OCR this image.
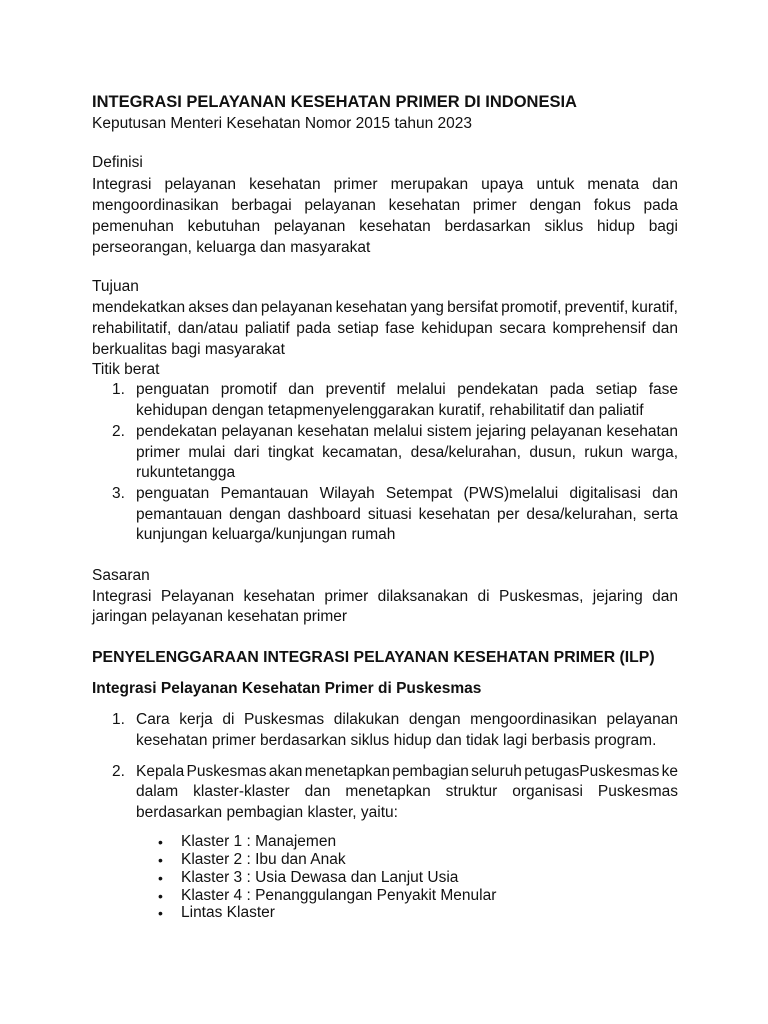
INTEGRASI PELAYANAN KESEHATAN PRIMER DI INDONESIA
Keputusan Menteri Kesehatan Nomor 2015 tahun 2023
Definisi
Integrasi pelayanan kesehatan primer merupakan upaya untuk menata dan
mengoordinasikan berbagai pelayanan kesehatan primer dengan fokus pada
pemenuhan kebutuhan pelayanan kesehatan berdasarkan siklus hidup bagi
perseorangan, keluarga dan masyarakat
Tujuan
mendekatkan akses dan pelayanan kesehatan yang bersifat promotif, preventif, kuratif,
rehabilitatif, dan/atau paliatif pada setiap fase kehidupan secara komprehensif dan
berkualitas bagi masyarakat
Titik berat
1. penguatan promotif dan preventif melalui pendekatan pada setiap fase
kehidupan dengan tetapmenyelenggarakan kuratif, rehabilitatif dan paliatif
2. pendekatan pelayanan kesehatan melalui sistem jejaring pelayanan kesehatan
primer mulai dari tingkat kecamatan, desa/kelurahan, dusun, rukun warga,
rukuntetangga
3. penguatan Pemantauan Wilayah Setempat (PWS)melalui digitalisasi dan
pemantauan dengan dashboard situasi kesehatan per desa/kelurahan, serta
kunjungan keluarga/kunjungan rumah
Sasaran
Integrasi Pelayanan kesehatan primer dilaksanakan di Puskesmas, jejaring dan
jaringan pelayanan kesehatan primer
PENYELENGGARAAN INTEGRASI PELAYANAN KESEHATAN PRIMER (ILP)
Integrasi Pelayanan Kesehatan Primer di Puskesmas
1. Cara kerja di Puskesmas dilakukan dengan mengoordinasikan pelayanan
kesehatan primer berdasarkan siklus hidup dan tidak lagi berbasis program.
2. Kepala Puskesmas akan menetapkan pembagian seluruh petugasPuskesmas ke
dalam klaster-klaster dan menetapkan struktur organisasi Puskesmas
berdasarkan pembagian klaster, yaitu:
•	Klaster 1 : Manajemen
•	Klaster 2 : Ibu dan Anak
•	Klaster 3 : Usia Dewasa dan Lanjut Usia
•	Klaster 4 : Penanggulangan Penyakit Menular
•	Lintas Klaster
